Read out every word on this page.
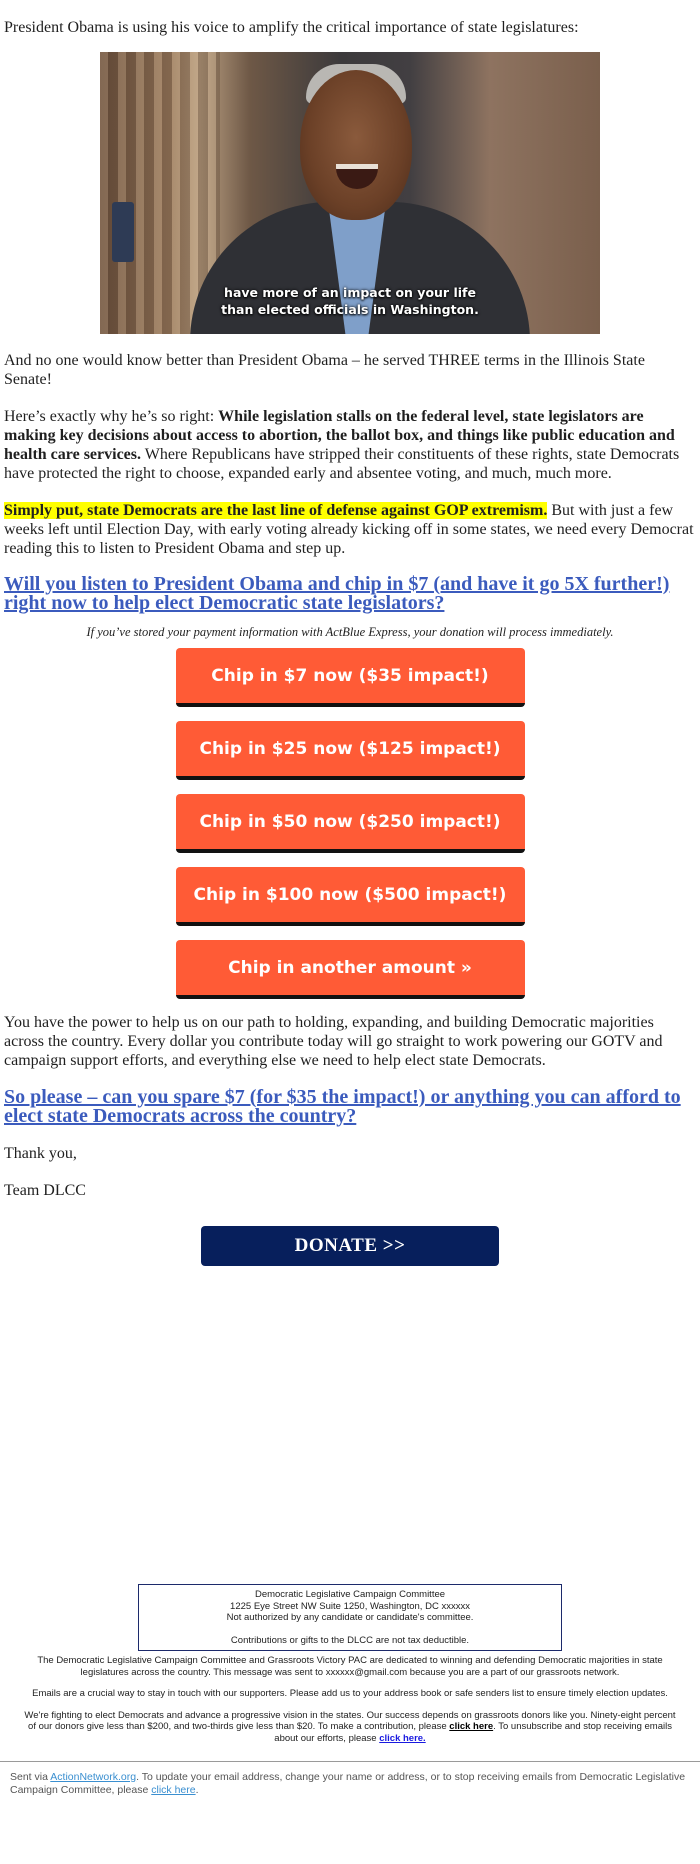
President Obama is using his voice to amplify the critical importance of state legislatures:

have more of an impact on your life
than elected officials in Washington.

And no one would know better than President Obama – he served THREE terms in the Illinois State Senate!

Here’s exactly why he’s so right: While legislation stalls on the federal level, state legislators are making key decisions about access to abortion, the ballot box, and things like public education and health care services. Where Republicans have stripped their constituents of these rights, state Democrats have protected the right to choose, expanded early and absentee voting, and much, much more.

Simply put, state Democrats are the last line of defense against GOP extremism. But with just a few weeks left until Election Day, with early voting already kicking off in some states, we need every Democrat reading this to listen to President Obama and step up.

Will you listen to President Obama and chip in $7 (and have it go 5X further!) right now to help elect Democratic state legislators?
If you’ve stored your payment information with ActBlue Express, your donation will process immediately.
Chip in $7 now ($35 impact!)
Chip in $25 now ($125 impact!)
Chip in $50 now ($250 impact!)
Chip in $100 now ($500 impact!)
Chip in another amount »

You have the power to help us on our path to holding, expanding, and building Democratic majorities across the country. Every dollar you contribute today will go straight to work powering our GOTV and campaign support efforts, and everything else we need to help elect state Democrats.

So please – can you spare $7 (for $35 the impact!) or anything you can afford to elect state Democrats across the country?

Thank you,

Team DLCC

DONATE >>
Democratic Legislative Campaign Committee
1225 Eye Street NW Suite 1250, Washington, DC xxxxxx
Not authorized by any candidate or candidate's committee.
Contributions or gifts to the DLCC are not tax deductible.
The Democratic Legislative Campaign Committee and Grassroots Victory PAC are dedicated to winning and defending Democratic majorities in state legislatures across the country. This message was sent to xxxxxx@gmail.com because you are a part of our grassroots network.
Emails are a crucial way to stay in touch with our supporters. Please add us to your address book or safe senders list to ensure timely election updates.
We're fighting to elect Democrats and advance a progressive vision in the states. Our success depends on grassroots donors like you. Ninety-eight percent of our donors give less than $200, and two-thirds give less than $20. To make a contribution, please click here. To unsubscribe and stop receiving emails about our efforts, please click here.
Sent via ActionNetwork.org. To update your email address, change your name or address, or to stop receiving emails from Democratic Legislative Campaign Committee, please click here.
